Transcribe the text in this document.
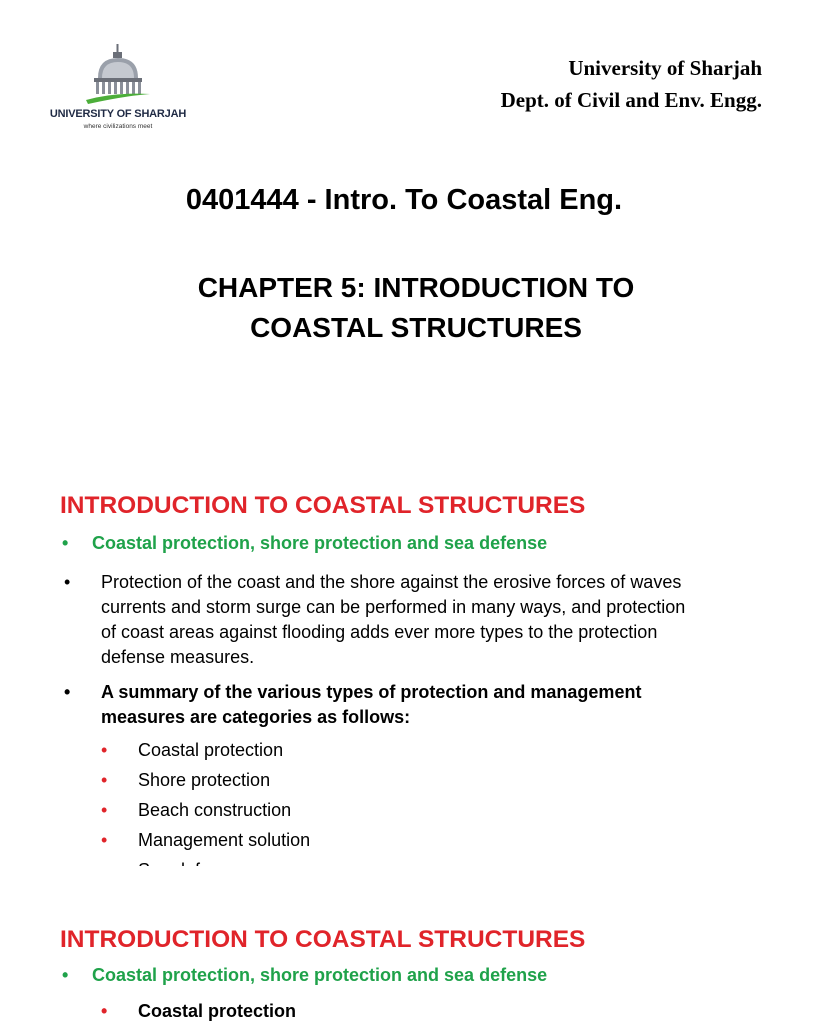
UNIVERSITY OF SHARJAH
where civilizations meet
University of Sharjah
Dept. of Civil and Env. Engg.
0401444 - Intro. To Coastal Eng.
CHAPTER 5: INTRODUCTION TO
COASTAL STRUCTURES
INTRODUCTION TO COASTAL STRUCTURES
• Coastal protection, shore protection and sea defense
• Protection of the coast and the shore against the erosive forces of waves
currents and storm surge can be performed in many ways, and protection
of coast areas against flooding adds ever more types to the protection
defense measures.
• A summary of the various types of protection and management
measures are categories as follows:
• Coastal protection
• Shore protection
• Beach construction
• Management solution
INTRODUCTION TO COASTAL STRUCTURES
• Coastal protection, shore protection and sea defense
• Coastal protection
